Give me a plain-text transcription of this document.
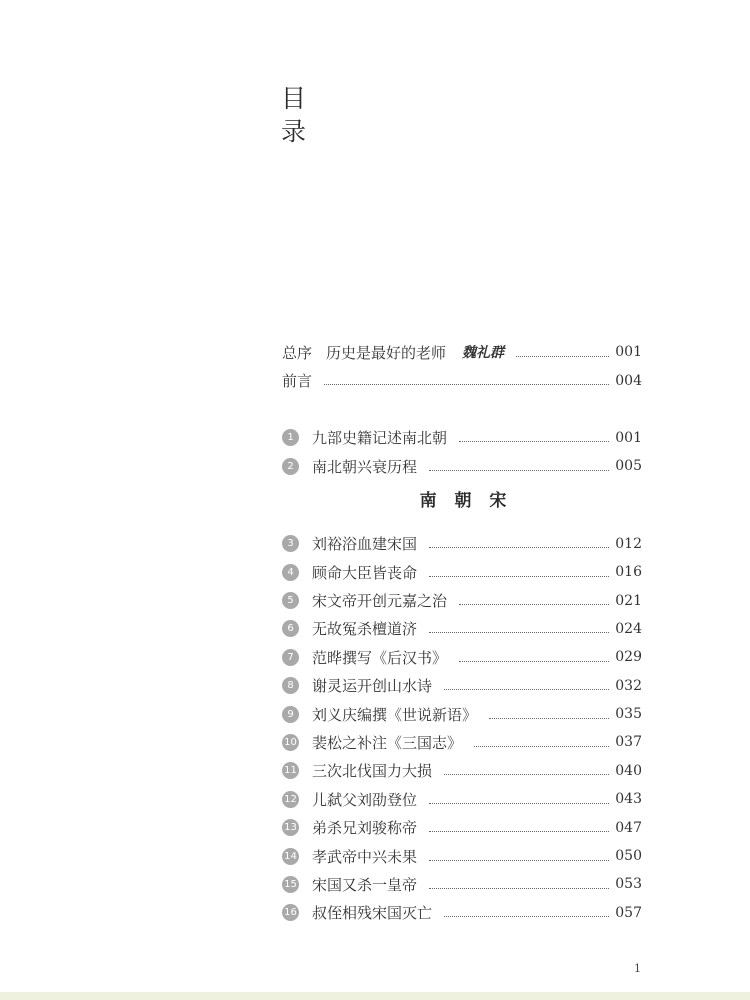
目
录
总序 历史是最好的老师 魏礼群	001
前言	004
1	九部史籍记述南北朝	001
2	南北朝兴衰历程	005
南 朝 宋
3	刘裕浴血建宋国	012
4	顾命大臣皆丧命	016
5	宋文帝开创元嘉之治	021
6	无故冤杀檀道济	024
7	范晔撰写《后汉书》	029
8	谢灵运开创山水诗	032
9	刘义庆编撰《世说新语》	035
10 裴松之补注《三国志》	037
11 三次北伐国力大损	040
12 儿弑父刘劭登位	043
13 弟杀兄刘骏称帝	047
14 孝武帝中兴未果	050
15 宋国又杀一皇帝	053
16 叔侄相残宋国灭亡	057
1
